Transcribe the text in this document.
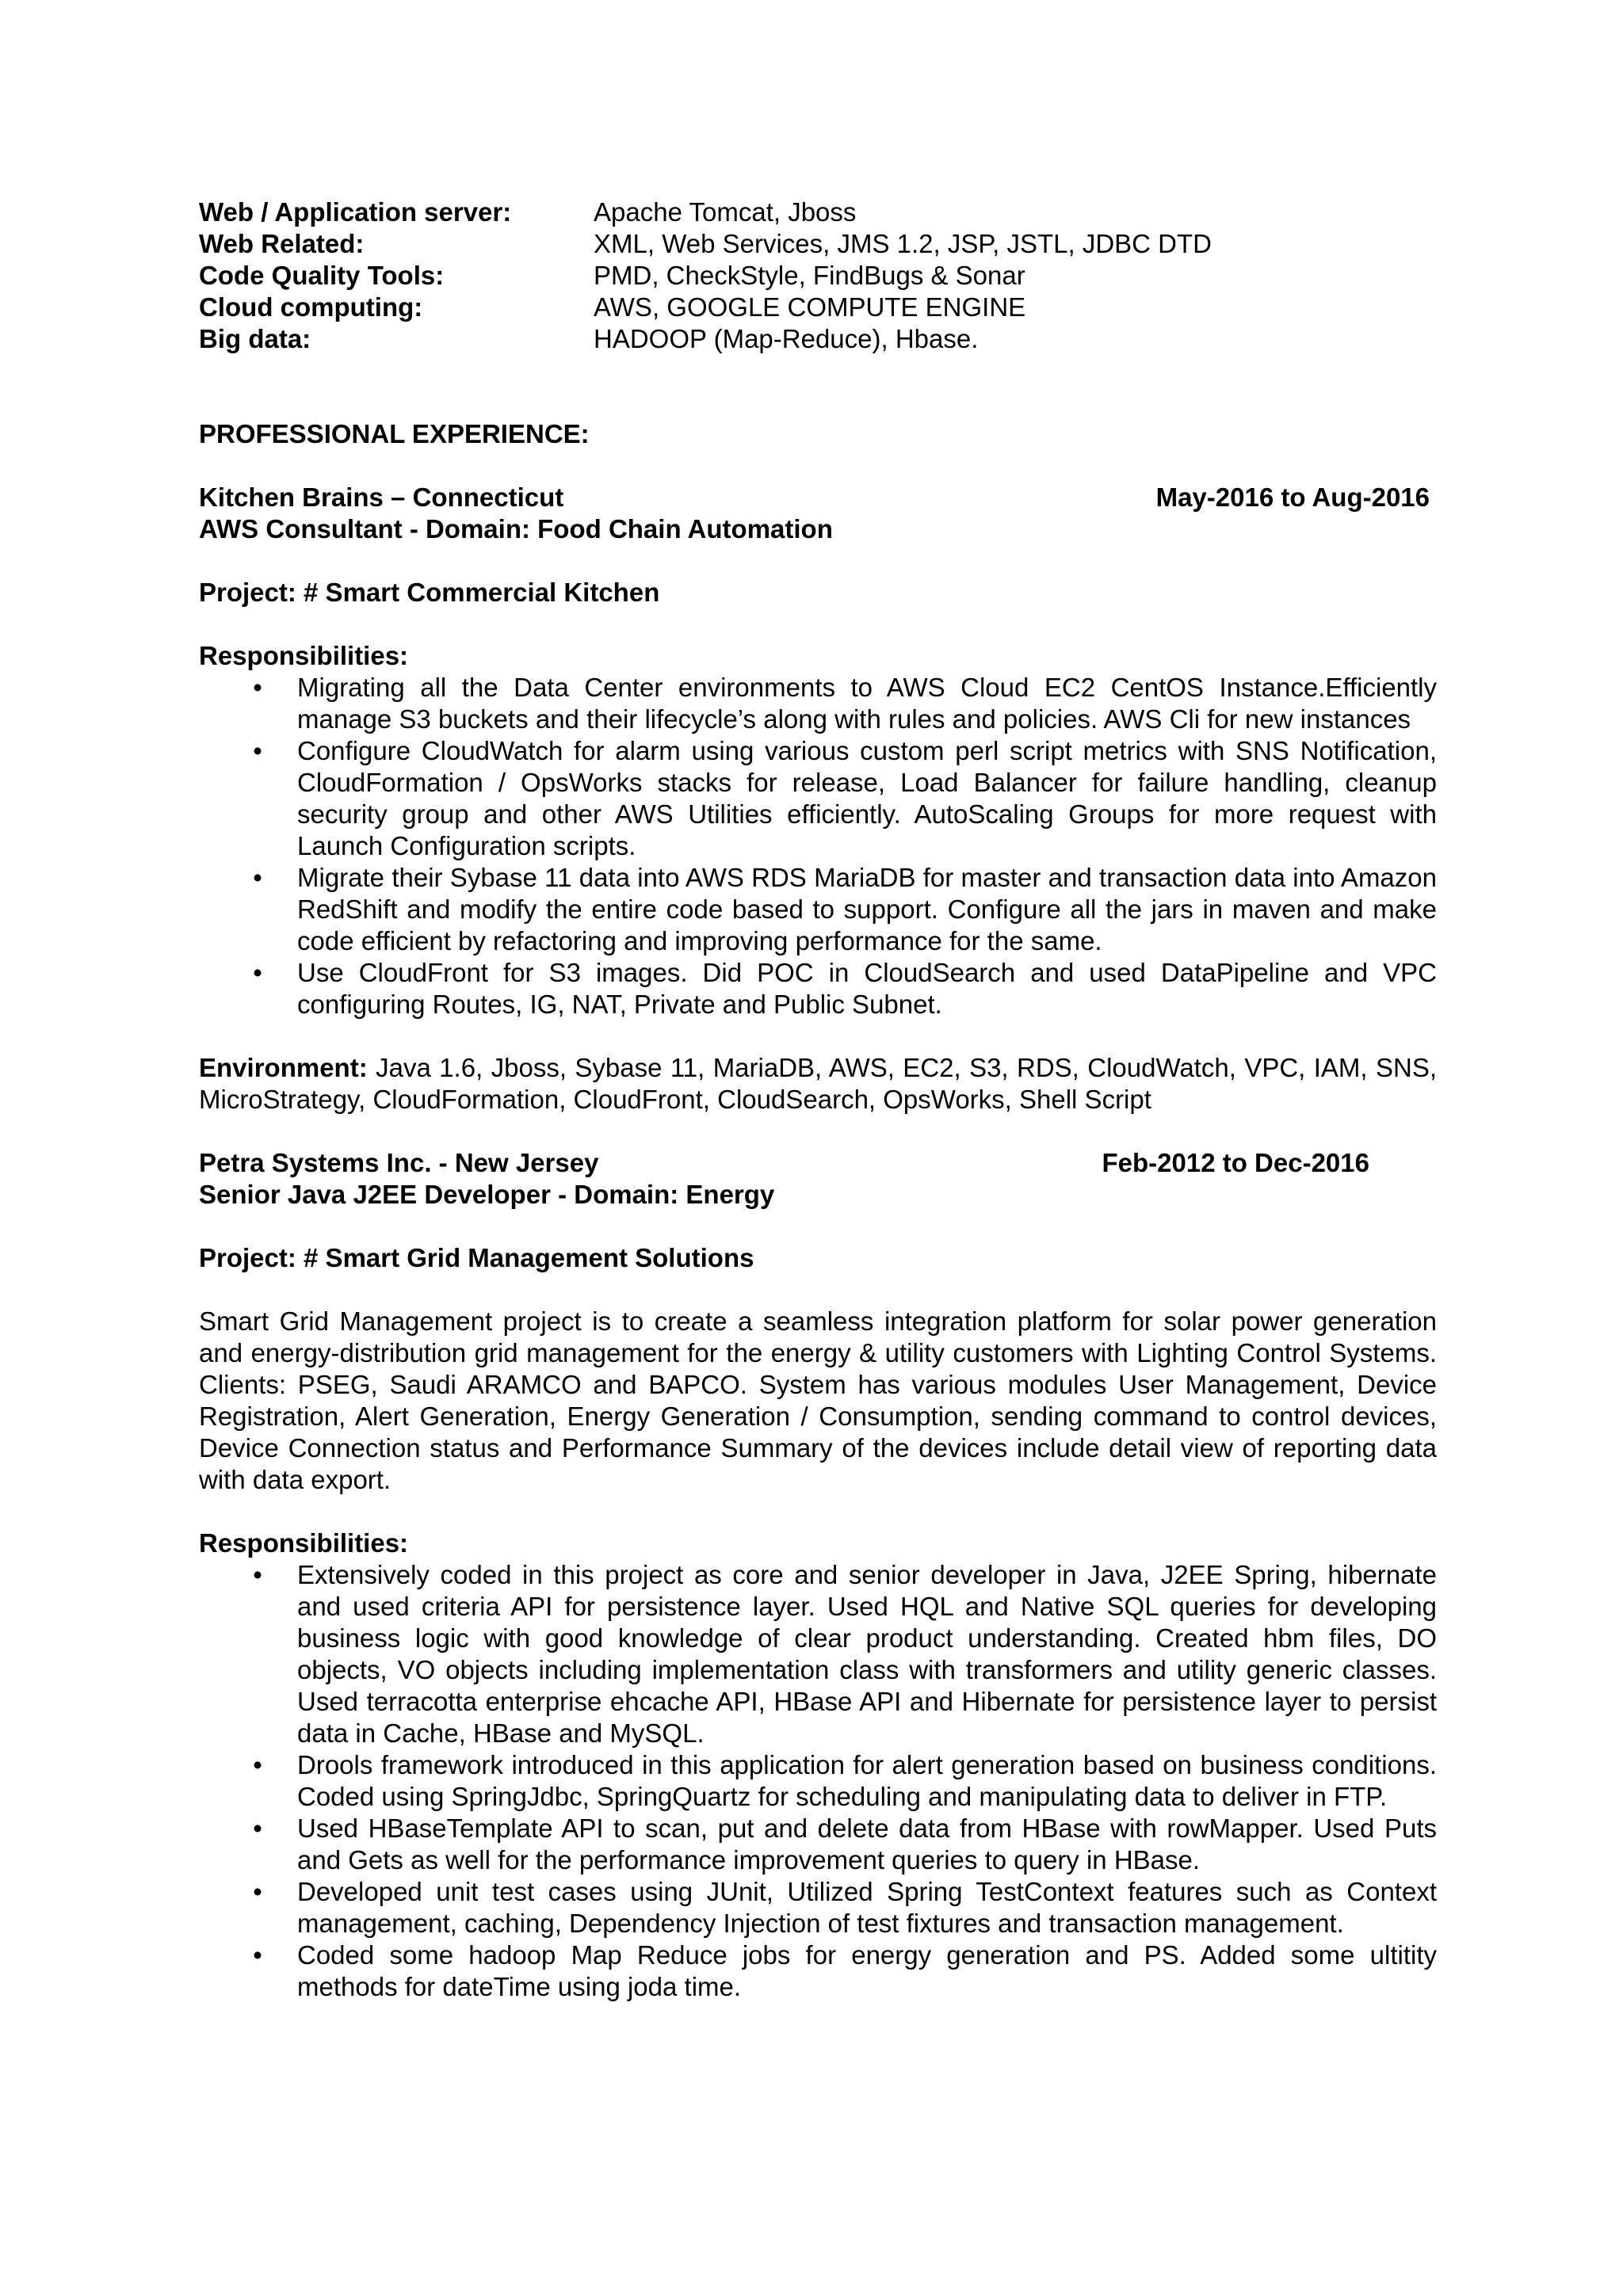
Web / Application server:	Apache Tomcat, Jboss
Web Related:	XML, Web Services, JMS 1.2, JSP, JSTL, JDBC DTD
Code Quality Tools:	PMD, CheckStyle, FindBugs & Sonar
Cloud computing:	AWS, GOOGLE COMPUTE ENGINE
Big data:	HADOOP (Map-Reduce), Hbase.
PROFESSIONAL EXPERIENCE:
Kitchen Brains – Connecticut	May-2016 to Aug-2016
AWS Consultant - Domain: Food Chain Automation
Project: # Smart Commercial Kitchen
Responsibilities:
• Migrating all the Data Center environments to AWS Cloud EC2 CentOS Instance.Efficiently manage S3 buckets and their lifecycle’s along with rules and policies. AWS Cli for new instances
• Configure CloudWatch for alarm using various custom perl script metrics with SNS Notification, CloudFormation / OpsWorks stacks for release, Load Balancer for failure handling, cleanup security group and other AWS Utilities efficiently. AutoScaling Groups for more request with Launch Configuration scripts.
• Migrate their Sybase 11 data into AWS RDS MariaDB for master and transaction data into Amazon RedShift and modify the entire code based to support. Configure all the jars in maven and make code efficient by refactoring and improving performance for the same.
• Use CloudFront for S3 images. Did POC in CloudSearch and used DataPipeline and VPC configuring Routes, IG, NAT, Private and Public Subnet.
Environment: Java 1.6, Jboss, Sybase 11, MariaDB, AWS, EC2, S3, RDS, CloudWatch, VPC, IAM, SNS, MicroStrategy, CloudFormation, CloudFront, CloudSearch, OpsWorks, Shell Script
Petra Systems Inc. - New Jersey	Feb-2012 to Dec-2016
Senior Java J2EE Developer - Domain: Energy
Project: # Smart Grid Management Solutions
Smart Grid Management project is to create a seamless integration platform for solar power generation and energy-distribution grid management for the energy & utility customers with Lighting Control Systems. Clients: PSEG, Saudi ARAMCO and BAPCO. System has various modules User Management, Device Registration, Alert Generation, Energy Generation / Consumption, sending command to control devices, Device Connection status and Performance Summary of the devices include detail view of reporting data with data export.
Responsibilities:
• Extensively coded in this project as core and senior developer in Java, J2EE Spring, hibernate and used criteria API for persistence layer. Used HQL and Native SQL queries for developing business logic with good knowledge of clear product understanding. Created hbm files, DO objects, VO objects including implementation class with transformers and utility generic classes. Used terracotta enterprise ehcache API, HBase API and Hibernate for persistence layer to persist data in Cache, HBase and MySQL.
• Drools framework introduced in this application for alert generation based on business conditions. Coded using SpringJdbc, SpringQuartz for scheduling and manipulating data to deliver in FTP.
• Used HBaseTemplate API to scan, put and delete data from HBase with rowMapper. Used Puts and Gets as well for the performance improvement queries to query in HBase.
• Developed unit test cases using JUnit, Utilized Spring TestContext features such as Context management, caching, Dependency Injection of test fixtures and transaction management.
• Coded some hadoop Map Reduce jobs for energy generation and PS. Added some ultitity methods for dateTime using joda time.
